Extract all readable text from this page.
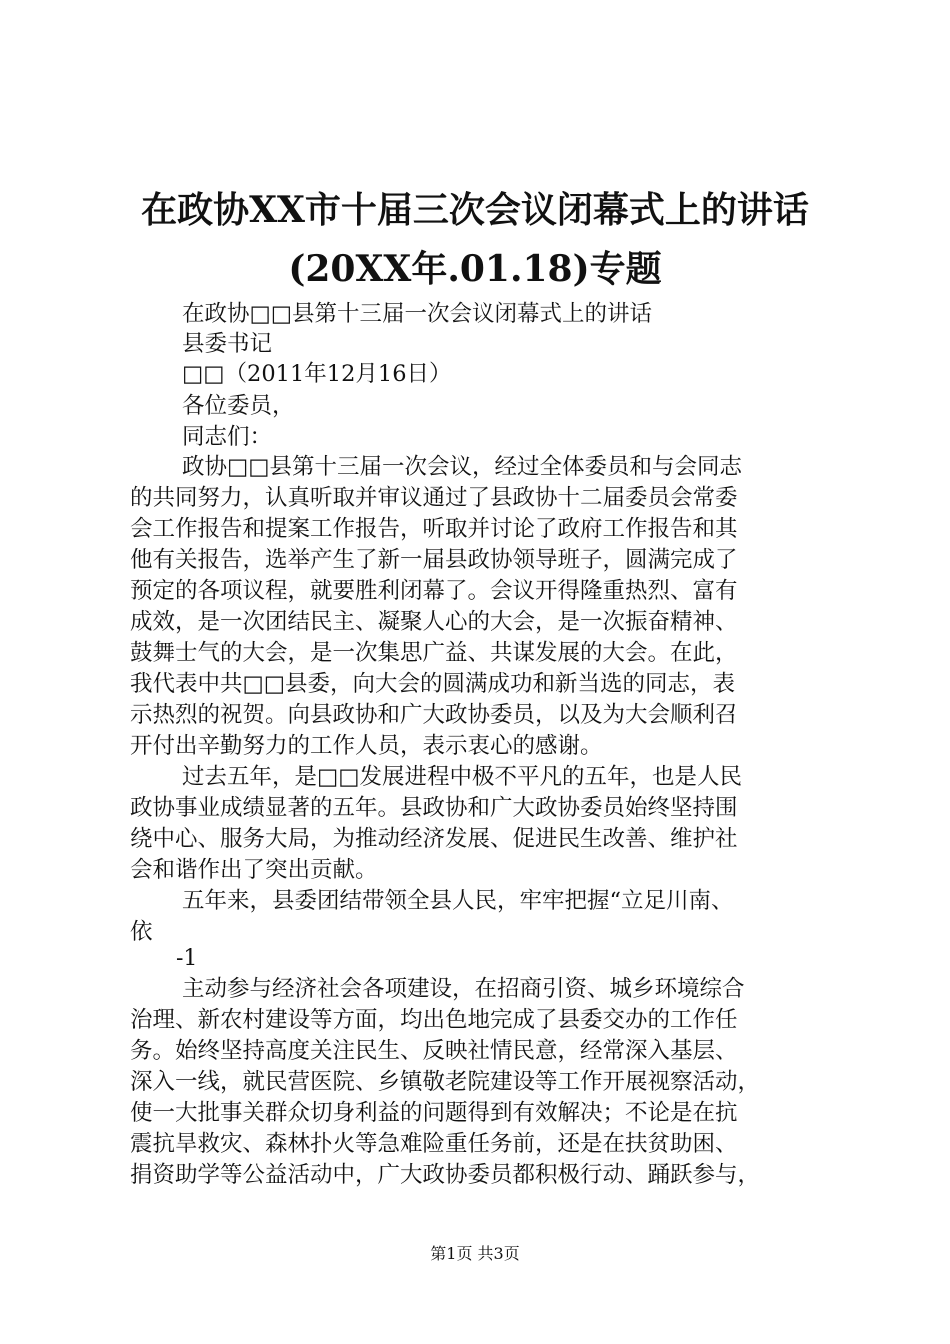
在政协XX市十届三次会议闭幕式上的讲话
(20XX年.01.18)专题
在政协□□县第十三届一次会议闭幕式上的讲话
县委书记
□□（2011年12月16日）
各位委员，
同志们：
政协□□县第十三届一次会议，经过全体委员和与会同志
的共同努力，认真听取并审议通过了县政协十二届委员会常委
会工作报告和提案工作报告，听取并讨论了政府工作报告和其
他有关报告，选举产生了新一届县政协领导班子，圆满完成了
预定的各项议程，就要胜利闭幕了。会议开得隆重热烈、富有
成效，是一次团结民主、凝聚人心的大会，是一次振奋精神、
鼓舞士气的大会，是一次集思广益、共谋发展的大会。在此，
我代表中共□□县委，向大会的圆满成功和新当选的同志，表
示热烈的祝贺。向县政协和广大政协委员，以及为大会顺利召
开付出辛勤努力的工作人员，表示衷心的感谢。
过去五年，是□□发展进程中极不平凡的五年，也是人民
政协事业成绩显著的五年。县政协和广大政协委员始终坚持围
绕中心、服务大局，为推动经济发展、促进民生改善、维护社
会和谐作出了突出贡献。
五年来，县委团结带领全县人民，牢牢把握“立足川南、
依
-1
主动参与经济社会各项建设，在招商引资、城乡环境综合
治理、新农村建设等方面，均出色地完成了县委交办的工作任
务。始终坚持高度关注民生、反映社情民意，经常深入基层、
深入一线，就民营医院、乡镇敬老院建设等工作开展视察活动，
使一大批事关群众切身利益的问题得到有效解决；不论是在抗
震抗旱救灾、森林扑火等急难险重任务前，还是在扶贫助困、
捐资助学等公益活动中，广大政协委员都积极行动、踊跃参与，
第1页 共3页
